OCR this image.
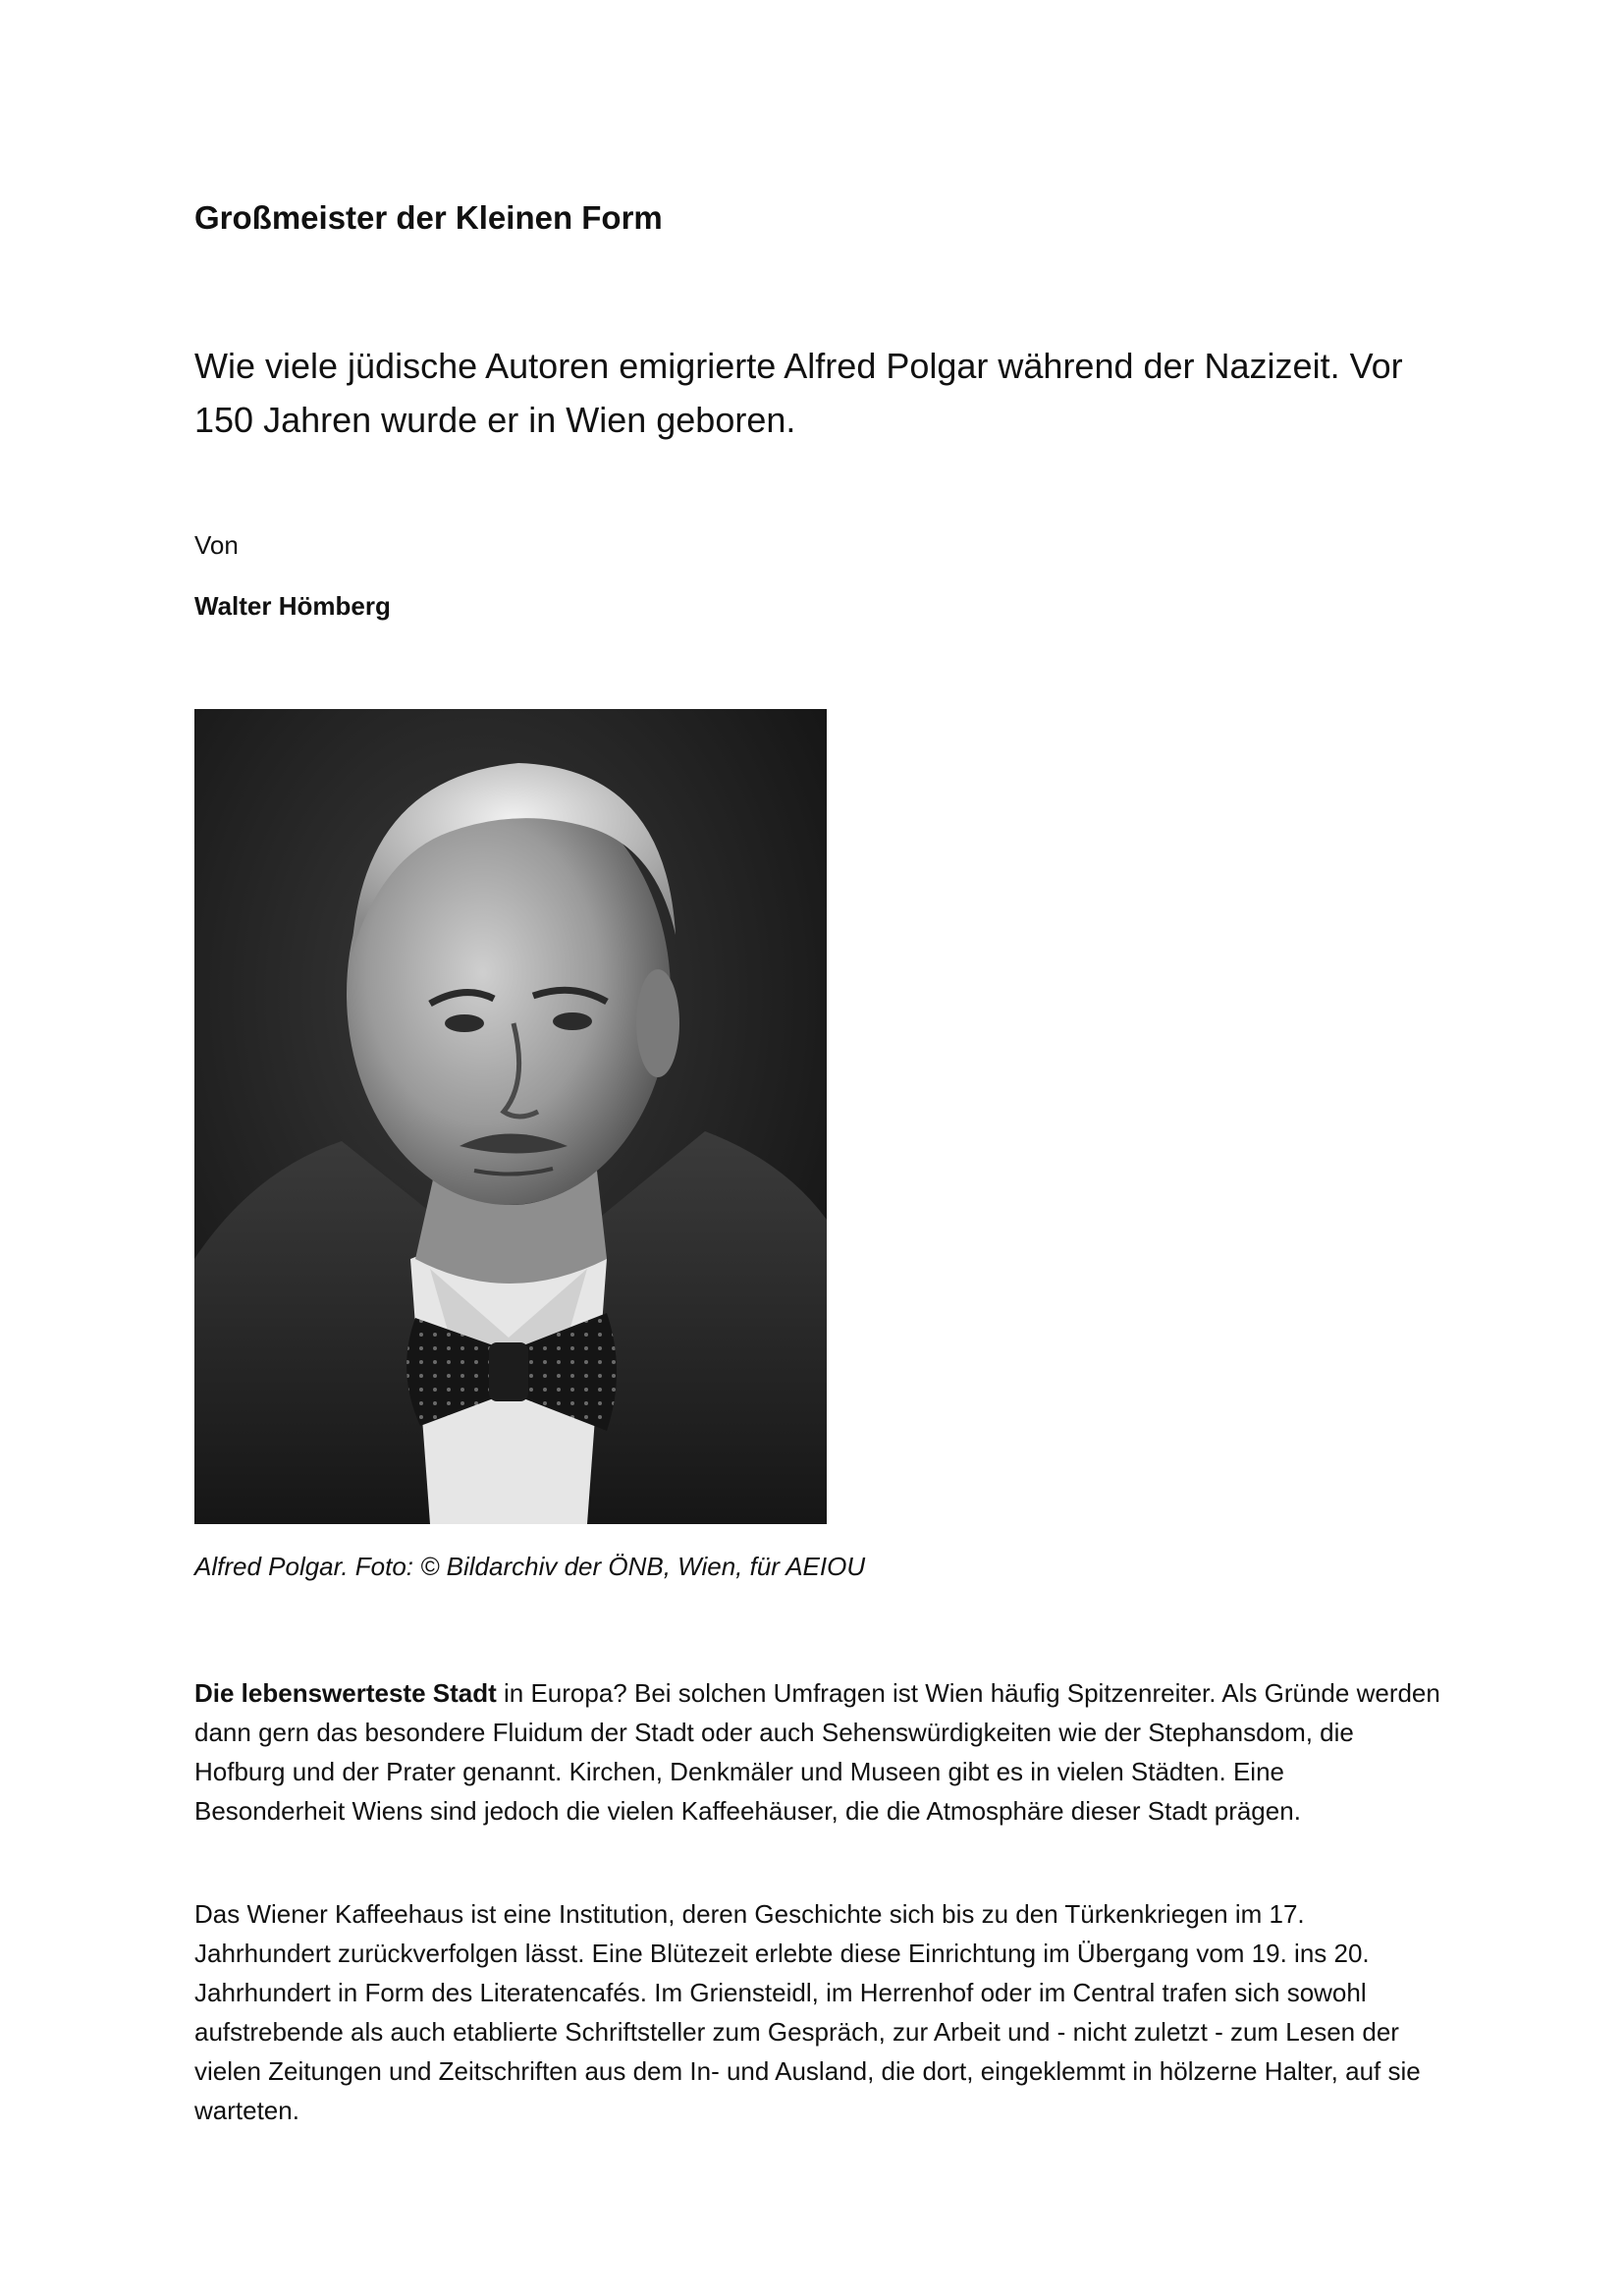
Großmeister der Kleinen Form

Wie viele jüdische Autoren emigrierte Alfred Polgar während der Nazizeit. Vor 150 Jahren wurde er in Wien geboren.

Von

Walter Hömberg

Alfred Polgar. Foto: © Bildarchiv der ÖNB, Wien, für AEIOU

Die lebenswerteste Stadt in Europa? Bei solchen Umfragen ist Wien häufig Spitzenreiter. Als Gründe werden dann gern das besondere Fluidum der Stadt oder auch Sehenswürdigkeiten wie der Stephansdom, die Hofburg und der Prater genannt. Kirchen, Denkmäler und Museen gibt es in vielen Städten. Eine Besonderheit Wiens sind jedoch die vielen Kaffeehäuser, die die Atmosphäre dieser Stadt prägen.

Das Wiener Kaffeehaus ist eine Institution, deren Geschichte sich bis zu den Türkenkriegen im 17. Jahrhundert zurückverfolgen lässt. Eine Blütezeit erlebte diese Einrichtung im Übergang vom 19. ins 20. Jahrhundert in Form des Literatencafés. Im Griensteidl, im Herrenhof oder im Central trafen sich sowohl aufstrebende als auch etablierte Schriftsteller zum Gespräch, zur Arbeit und - nicht zuletzt - zum Lesen der vielen Zeitungen und Zeitschriften aus dem In- und Ausland, die dort, eingeklemmt in hölzerne Halter, auf sie warteten.
